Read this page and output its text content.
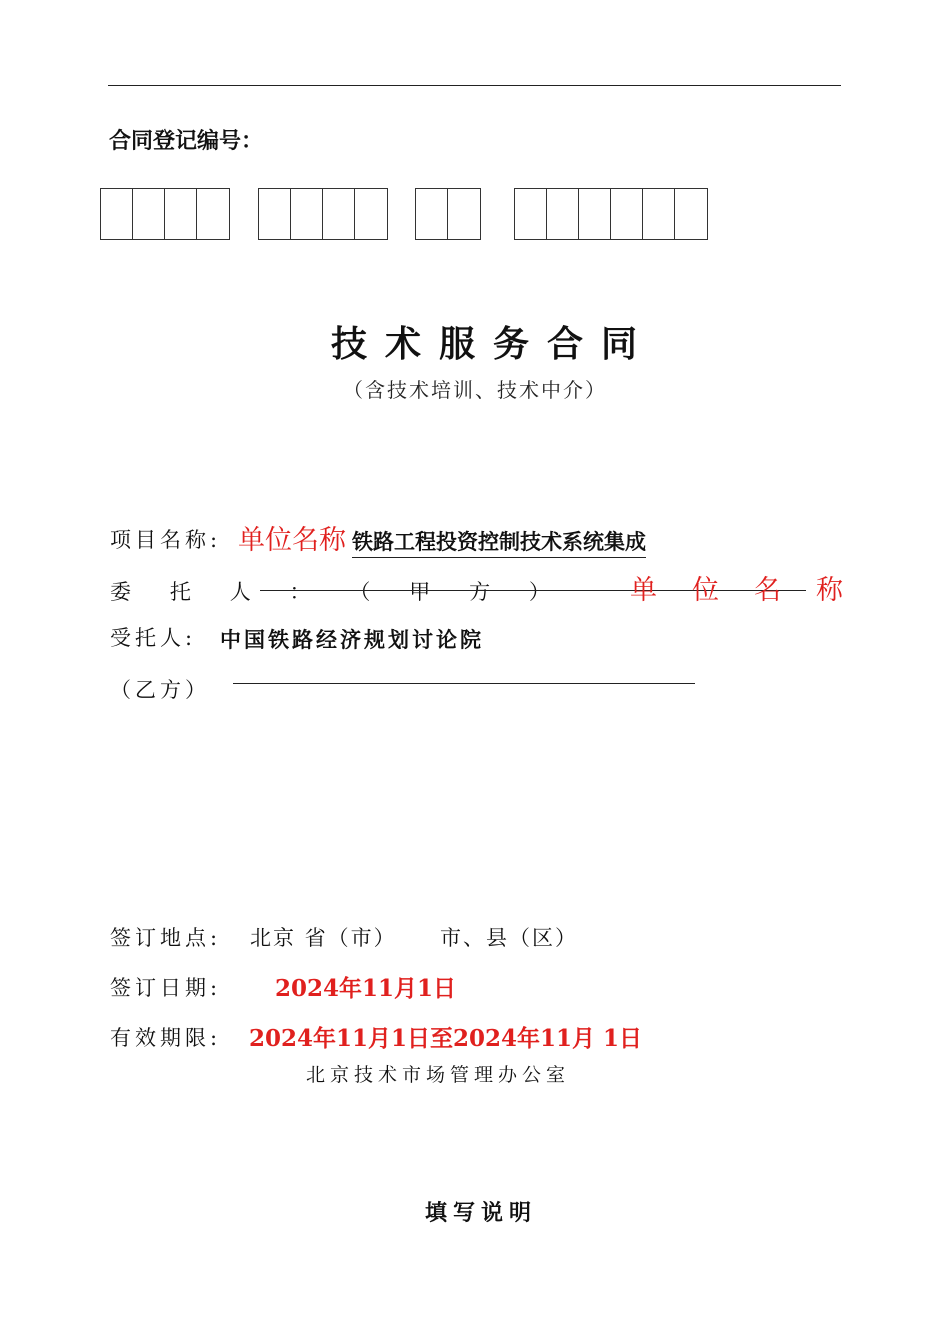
合同登记编号：
技术服务合同
（含技术培训、技术中介）
项目名称: 单位名称 铁路工程投资控制技术系统集成
委 托 人 ： （ 甲 方 ）	单 位 名 称
受托人: 中国铁路经济规划讨论院
（乙方）
签订地点: 北京 省（市）     市、县（区）
签订日期: 2024年11月1日
有效期限: 2024年11月1日至2024年11月 1日
北京技术市场管理办公室
填写说明
